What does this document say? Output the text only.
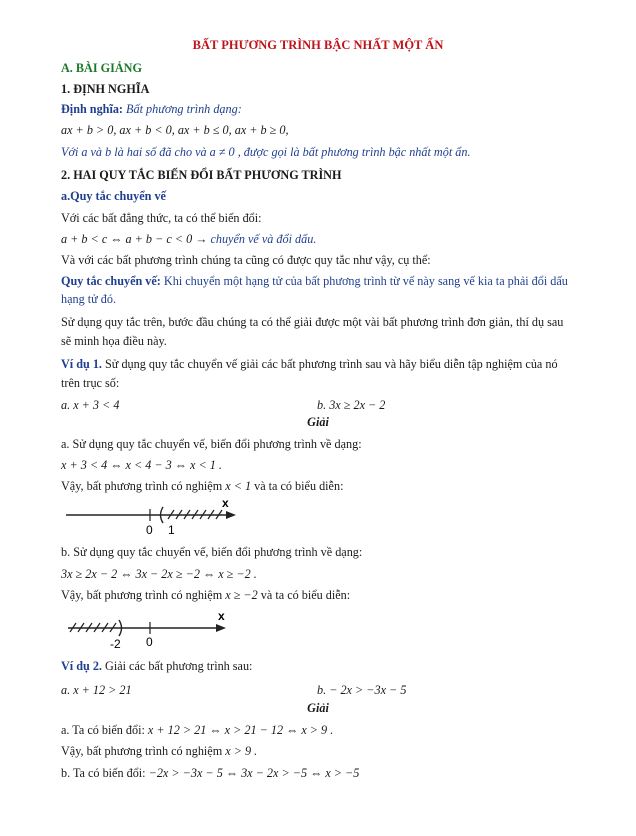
BẤT PHƯƠNG TRÌNH BẬC NHẤT MỘT ẨN
A. BÀI GIẢNG
1. ĐỊNH NGHĨA
Định nghĩa: Bất phương trình dạng:
ax + b > 0, ax + b < 0, ax + b ≤ 0, ax + b ≥ 0,
Với a và b là hai số đã cho và a ≠ 0 , được gọi là bất phương trình bậc nhất một ẩn.
2. HAI QUY TẮC BIẾN ĐỔI BẤT PHƯƠNG TRÌNH
a.Quy tắc chuyển vế
Với các bất đẳng thức, ta có thể biến đổi:
a + b < c ⇔ a + b − c < 0 → chuyển vế và đổi dấu.
Và với các bất phương trình chúng ta cũng có được quy tắc như vậy, cụ thể:
Quy tắc chuyển vế: Khi chuyển một hạng tử của bất phương trình từ vế này sang vế kia ta phải đổi dấu
hạng tử đó.
Sử dụng quy tắc trên, bước đầu chúng ta có thể giải được một vài bất phương trình đơn giản, thí dụ sau
sẽ minh họa điều này.
Ví dụ 1. Sử dụng quy tắc chuyển vế giải các bất phương trình sau và hãy biểu diễn tập nghiệm của nó
trên trục số:
a. x + 3 < 4	b. 3x ≥ 2x − 2
Giải
a. Sử dụng quy tắc chuyển vế, biến đổi phương trình về dạng:
x + 3 < 4 ⇔ x < 4 − 3 ⇔ x < 1 .
Vậy, bất phương trình có nghiệm x < 1 và ta có biểu diễn:
x
0 1
b. Sử dụng quy tắc chuyển vế, biến đổi phương trình về dạng:
3x ≥ 2x − 2 ⇔ 3x − 2x ≥ −2 ⇔ x ≥ −2 .
Vậy, bất phương trình có nghiệm x ≥ −2 và ta có biểu diễn:
x
-2 0
Ví dụ 2. Giải các bất phương trình sau:
a. x + 12 > 21	b. − 2x > −3x − 5
Giải
a. Ta có biến đổi: x + 12 > 21 ⇔ x > 21 − 12 ⇔ x > 9 .
Vậy, bất phương trình có nghiệm x > 9 .
b. Ta có biến đổi: −2x > −3x − 5 ⇔ 3x − 2x > −5 ⇔ x > −5
